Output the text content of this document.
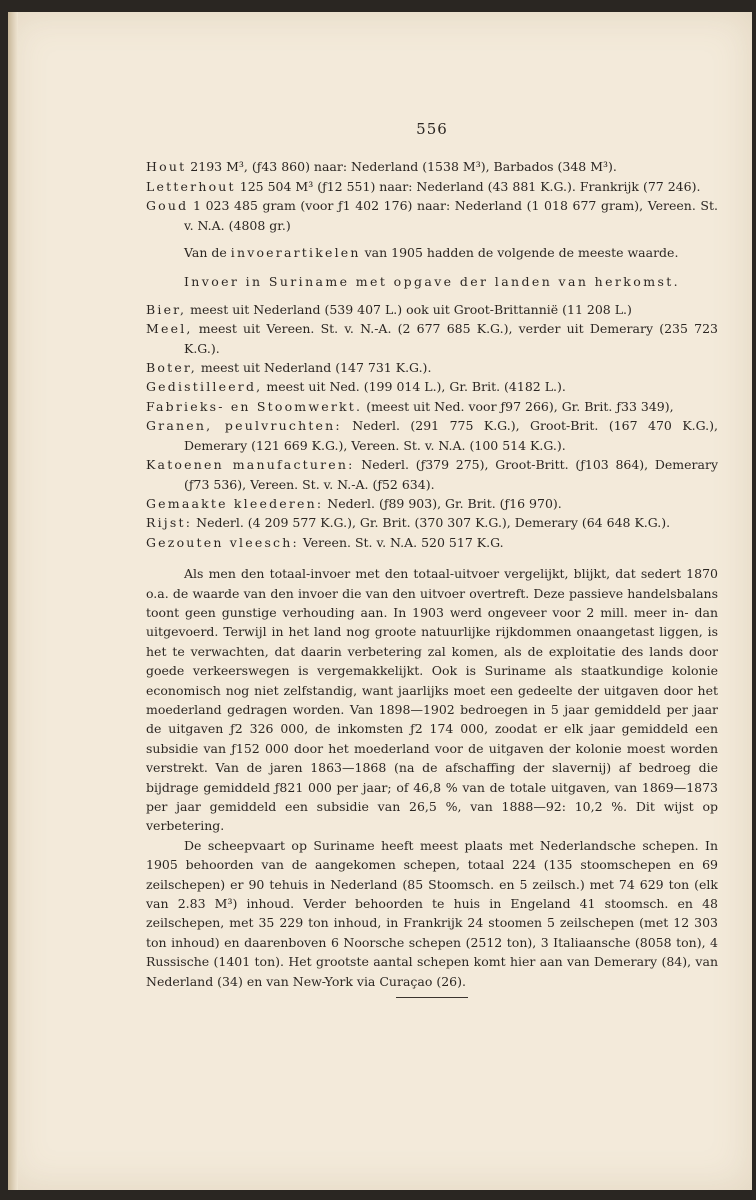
556

Hout 2193 M³, (ƒ43 860) naar: Nederland (1538 M³), Barbados (348 M³).

Letterhout 125 504 M³ (ƒ12 551) naar: Nederland (43 881 K.G.). Frankrijk (77 246).

Goud 1 023 485 gram (voor ƒ1 402 176) naar: Nederland (1 018 677 gram), Vereen. St. v. N.A. (4808 gr.)

Van de invoerartikelen van 1905 hadden de volgende de meeste waarde.

Invoer in Suriname met opgave der landen van herkomst.

Bier, meest uit Nederland (539 407 L.) ook uit Groot-Brittannië (11 208 L.)

Meel, meest uit Vereen. St. v. N.-A. (2 677 685 K.G.), verder uit Demerary (235 723 K.G.).

Boter, meest uit Nederland (147 731 K.G.).

Gedistilleerd, meest uit Ned. (199 014 L.), Gr. Brit. (4182 L.).

Fabrieks- en Stoomwerkt. (meest uit Ned. voor ƒ97 266), Gr. Brit. ƒ33 349),

Granen, peulvruchten: Nederl. (291 775 K.G.), Groot-Brit. (167 470 K.G.), Demerary (121 669 K.G.), Vereen. St. v. N.A. (100 514 K.G.).

Katoenen manufacturen: Nederl. (ƒ379 275), Groot-Britt. (ƒ103 864), Demerary (ƒ73 536), Vereen. St. v. N.-A. (ƒ52 634).

Gemaakte kleederen: Nederl. (ƒ89 903), Gr. Brit. (ƒ16 970).

Rijst: Nederl. (4 209 577 K.G.), Gr. Brit. (370 307 K.G.), Demerary (64 648 K.G.).

Gezouten vleesch: Vereen. St. v. N.A. 520 517 K.G.

Als men den totaal-invoer met den totaal-uitvoer vergelijkt, blijkt, dat sedert 1870 o.a. de waarde van den invoer die van den uitvoer overtreft. Deze passieve handelsbalans toont geen gunstige verhouding aan. In 1903 werd ongeveer voor 2 mill. meer in- dan uitgevoerd. Terwijl in het land nog groote natuurlijke rijkdommen onaangetast liggen, is het te verwachten, dat daarin verbetering zal komen, als de exploitatie des lands door goede verkeerswegen is vergemakkelijkt. Ook is Suriname als staatkundige kolonie economisch nog niet zelfstandig, want jaarlijks moet een gedeelte der uitgaven door het moederland gedragen worden. Van 1898—1902 bedroegen in 5 jaar gemiddeld per jaar de uitgaven ƒ2 326 000, de inkomsten ƒ2 174 000, zoodat er elk jaar gemiddeld een subsidie van ƒ152 000 door het moederland voor de uitgaven der kolonie moest worden verstrekt. Van de jaren 1863—1868 (na de afschaffing der slavernij) af bedroeg die bijdrage gemiddeld ƒ821 000 per jaar; of 46,8 % van de totale uitgaven, van 1869—1873 per jaar gemiddeld een subsidie van 26,5 %, van 1888—92: 10,2 %. Dit wijst op verbetering.

De scheepvaart op Suriname heeft meest plaats met Nederlandsche schepen. In 1905 behoorden van de aangekomen schepen, totaal 224 (135 stoomschepen en 69 zeilschepen) er 90 tehuis in Nederland (85 Stoomsch. en 5 zeilsch.) met 74 629 ton (elk van 2.83 M³) inhoud. Verder behoorden te huis in Engeland 41 stoomsch. en 48 zeilschepen, met 35 229 ton inhoud, in Frankrijk 24 stoomen 5 zeilschepen (met 12 303 ton inhoud) en daarenboven 6 Noorsche schepen (2512 ton), 3 Italiaansche (8058 ton), 4 Russische (1401 ton). Het grootste aantal schepen komt hier aan van Demerary (84), van Nederland (34) en van New-York via Curaçao (26).
